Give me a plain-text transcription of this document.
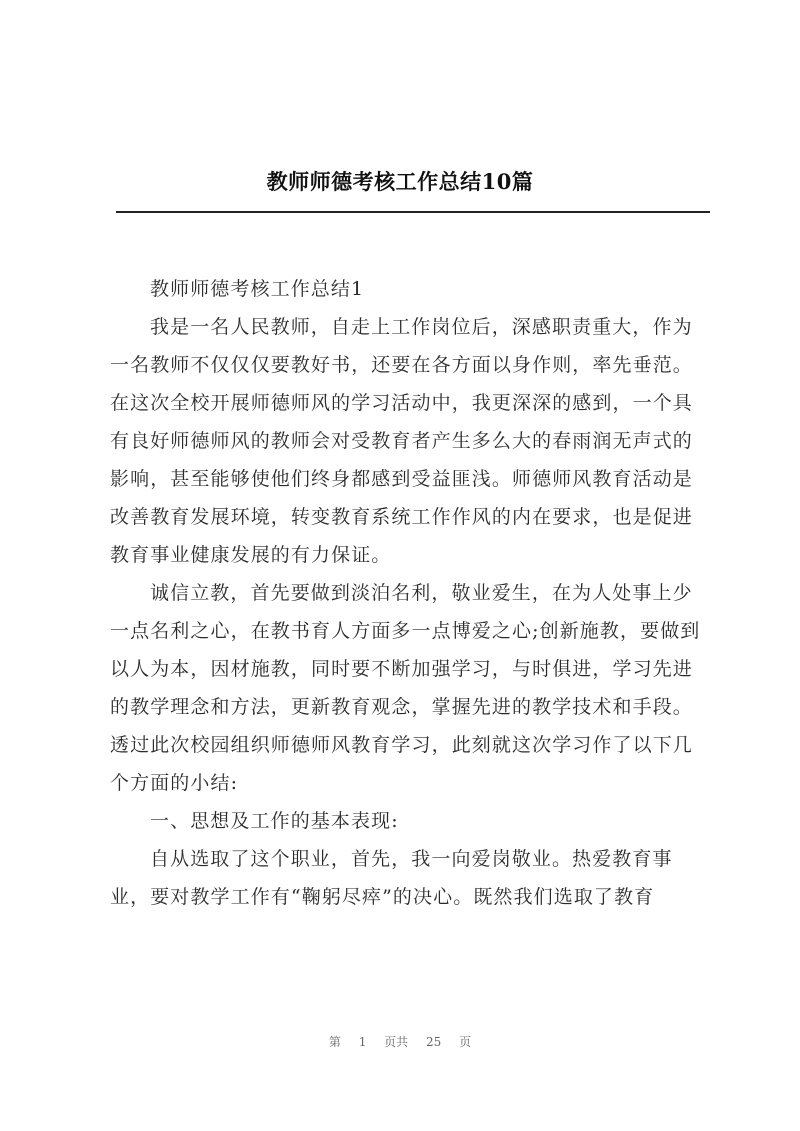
教师师德考核工作总结10篇

教师师德考核工作总结1

我是一名人民教师，自走上工作岗位后，深感职责重大，作为一名教师不仅仅仅要教好书，还要在各方面以身作则，率先垂范。在这次全校开展师德师风的学习活动中，我更深深的感到，一个具有良好师德师风的教师会对受教育者产生多么大的春雨润无声式的影响，甚至能够使他们终身都感到受益匪浅。师德师风教育活动是改善教育发展环境，转变教育系统工作作风的内在要求，也是促进教育事业健康发展的有力保证。

诚信立教，首先要做到淡泊名利，敬业爱生，在为人处事上少一点名利之心，在教书育人方面多一点博爱之心;创新施教，要做到以人为本，因材施教，同时要不断加强学习，与时俱进，学习先进的教学理念和方法，更新教育观念，掌握先进的教学技术和手段。透过此次校园组织师德师风教育学习，此刻就这次学习作了以下几个方面的小结:

一、思想及工作的基本表现:

自从选取了这个职业，首先，我一向爱岗敬业。热爱教育事业，要对教学工作有“鞠躬尽瘁”的决心。既然我们选取了教育

第 1 页共 25 页
